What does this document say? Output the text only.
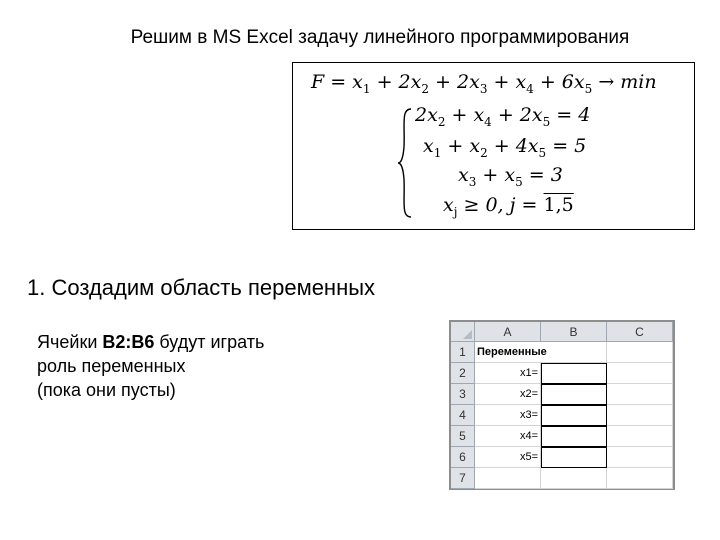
Решим в MS Excel задачу линейного программирования
$F = x_1 + 2x_2 + 2x_3 + x_4 + 6x_5 \to \min$
$2x_2 + x_4 + 2x_5 = 4$
$x_1 + x_2 + 4x_5 = 5$
$x_3 + x_5 = 3$
$x_j \ge 0$, j = 1,5
1. Создадим область переменных
Ячейки B2:B6 будут играть
роль переменных
(пока они пусты)
A	B	C
1
2
3
4
5
6
7
Переменные
x1=
x2=
x3=
x4=
x5=
